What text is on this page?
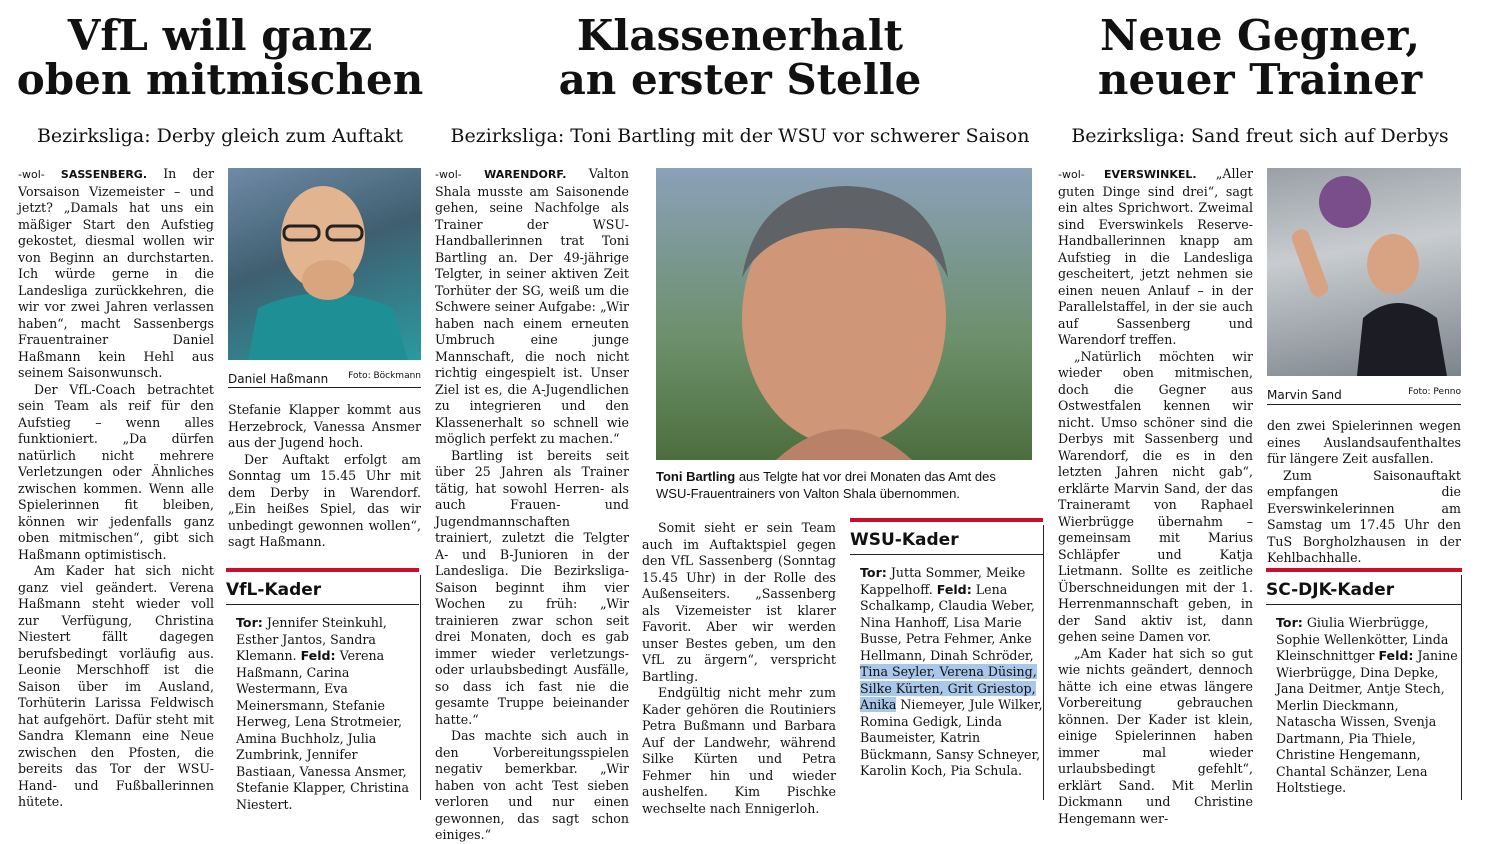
VfL will ganz
oben mitmischen
Bezirksliga: Derby gleich zum Auftakt

-wol- SASSENBERG. In der Vorsaison Vizemeister – und jetzt? „Damals hat uns ein mäßiger Start den Aufstieg gekostet, diesmal wollen wir von Beginn an durchstarten. Ich würde gerne in die Landesliga zurückkehren, die wir vor zwei Jahren verlassen haben“, macht Sassenbergs Frauentrainer Daniel Haßmann kein Hehl aus seinem Saisonwunsch.

Der VfL-Coach betrachtet sein Team als reif für den Aufstieg – wenn alles funktioniert. „Da dürfen natürlich nicht mehrere Verletzungen oder Ähnliches zwischen kommen. Wenn alle Spielerinnen fit bleiben, können wir jedenfalls ganz oben mitmischen“, gibt sich Haßmann optimistisch.

Am Kader hat sich nicht ganz viel geändert. Verena Haßmann steht wieder voll zur Verfügung, Christina Niestert fällt dagegen berufsbedingt vorläufig aus. Leonie Merschhoff ist die Saison über im Ausland, Torhüterin Larissa Feldwisch hat aufgehört. Dafür steht mit Sandra Klemann eine Neue zwischen den Pfosten, die bereits das Tor der WSU-Hand- und Fußballerinnen hütete.

Daniel Haßmann Foto: Böckmann

Stefanie Klapper kommt aus Herzebrock, Vanessa Ansmer aus der Jugend hoch.

Der Auftakt erfolgt am Sonntag um 15.45 Uhr mit dem Derby in Warendorf. „Ein heißes Spiel, das wir unbedingt gewonnen wollen“, sagt Haßmann.

VfL-Kader
Tor: Jennifer Steinkuhl, Esther Jantos, Sandra Klemann. Feld: Verena Haßmann, Carina Westermann, Eva Meinersmann, Stefanie Herweg, Lena Strotmeier, Amina Buchholz, Julia Zumbrink, Jennifer Bastiaan, Vanessa Ansmer, Stefanie Klapper, Christina Niestert.
Klassenerhalt
an erster Stelle
Bezirksliga: Toni Bartling mit der WSU vor schwerer Saison

-wol- WARENDORF. Valton Shala musste am Saisonende gehen, seine Nachfolge als Trainer der WSU-Handballerinnen trat Toni Bartling an. Der 49-jährige Telgter, in seiner aktiven Zeit Torhüter der SG, weiß um die Schwere seiner Aufgabe: „Wir haben nach einem erneuten Umbruch eine junge Mannschaft, die noch nicht richtig eingespielt ist. Unser Ziel ist es, die A-Jugendlichen zu integrieren und den Klassenerhalt so schnell wie möglich perfekt zu machen.“

Bartling ist bereits seit über 25 Jahren als Trainer tätig, hat sowohl Herren- als auch Frauen- und Jugendmannschaften trainiert, zuletzt die Telgter A- und B-Junioren in der Landesliga. Die Bezirksliga-Saison beginnt ihm vier Wochen zu früh: „Wir trainieren zwar schon seit drei Monaten, doch es gab immer wieder verletzungs- oder urlaubsbedingt Ausfälle, so dass ich fast nie die gesamte Truppe beieinander hatte.“

Das machte sich auch in den Vorbereitungsspielen negativ bemerkbar. „Wir haben von acht Test sieben verloren und nur einen gewonnen, das sagt schon einiges.“

Toni Bartling aus Telgte hat vor drei Monaten das Amt des WSU-Frauentrainers von Valton Shala übernommen.

Somit sieht er sein Team auch im Auftaktspiel gegen den VfL Sassenberg (Sonntag 15.45 Uhr) in der Rolle des Außenseiters. „Sassenberg als Vizemeister ist klarer Favorit. Aber wir werden unser Bestes geben, um den VfL zu ärgern“, verspricht Bartling.

Endgültig nicht mehr zum Kader gehören die Routiniers Petra Bußmann und Barbara Auf der Landwehr, während Silke Kürten und Petra Fehmer hin und wieder aushelfen. Kim Pischke wechselte nach Ennigerloh.

WSU-Kader
Tor: Jutta Sommer, Meike Kappelhoff. Feld: Lena Schalkamp, Claudia Weber, Nina Hanhoff, Lisa Marie Busse, Petra Fehmer, Anke Hellmann, Dinah Schröder, Tina Seyler, Verena Düsing, Silke Kürten, Grit Griestop, Anika Niemeyer, Jule Wilker, Romina Gedigk, Linda Baumeister, Katrin Bückmann, Sansy Schneyer, Karolin Koch, Pia Schula.
Neue Gegner,
neuer Trainer
Bezirksliga: Sand freut sich auf Derbys

-wol- EVERSWINKEL. „Aller guten Dinge sind drei“, sagt ein altes Sprichwort. Zweimal sind Everswinkels Reserve-Handballerinnen knapp am Aufstieg in die Landesliga gescheitert, jetzt nehmen sie einen neuen Anlauf – in der Parallelstaffel, in der sie auch auf Sassenberg und Warendorf treffen.

„Natürlich möchten wir wieder oben mitmischen, doch die Gegner aus Ostwestfalen kennen wir nicht. Umso schöner sind die Derbys mit Sassenberg und Warendorf, die es in den letzten Jahren nicht gab“, erklärte Marvin Sand, der das Traineramt von Raphael Wierbrügge übernahm – gemeinsam mit Marius Schläpfer und Katja Lietmann. Sollte es zeitliche Überschneidungen mit der 1. Herrenmannschaft geben, in der Sand aktiv ist, dann gehen seine Damen vor.

„Am Kader hat sich so gut wie nichts geändert, dennoch hätte ich eine etwas längere Vorbereitung gebrauchen können. Der Kader ist klein, einige Spielerinnen haben immer mal wieder urlaubsbedingt gefehlt“, erklärt Sand. Mit Merlin Dickmann und Christine Hengemann wer-

Marvin Sand	Foto: Penno

den zwei Spielerinnen wegen eines Auslandsaufenthaltes für längere Zeit ausfallen.

Zum Saisonauftakt empfangen die Everswinkelerinnen am Samstag um 17.45 Uhr den TuS Borgholzhausen in der Kehlbachhalle.

SC-DJK-Kader
Tor: Giulia Wierbrügge, Sophie Wellenkötter, Linda Kleinschnittger Feld: Janine Wierbrügge, Dina Depke, Jana Deitmer, Antje Stech, Merlin Dieckmann, Natascha Wissen, Svenja Dartmann, Pia Thiele, Christine Hengemann, Chantal Schänzer, Lena Holtstiege.
